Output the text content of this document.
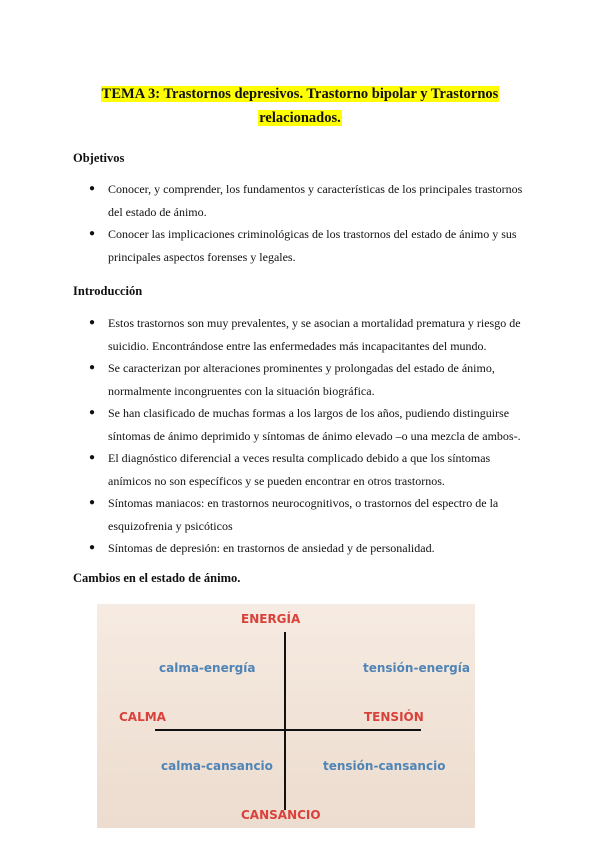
TEMA 3: Trastornos depresivos. Trastorno bipolar y Trastornos
relacionados.
Objetivos
● Conocer, y comprender, los fundamentos y características de los principales trastornos
del estado de ánimo.
● Conocer las implicaciones criminológicas de los trastornos del estado de ánimo y sus
principales aspectos forenses y legales.
Introducción
● Estos trastornos son muy prevalentes, y se asocian a mortalidad prematura y riesgo de
suicidio. Encontrándose entre las enfermedades más incapacitantes del mundo.
● Se caracterizan por alteraciones prominentes y prolongadas del estado de ánimo,
normalmente incongruentes con la situación biográfica.
● Se han clasificado de muchas formas a los largos de los años, pudiendo distinguirse
síntomas de ánimo deprimido y síntomas de ánimo elevado –o una mezcla de ambos-.
● El diagnóstico diferencial a veces resulta complicado debido a que los síntomas
anímicos no son específicos y se pueden encontrar en otros trastornos.
● Síntomas maniacos: en trastornos neurocognitivos, o trastornos del espectro de la
esquizofrenia y psicóticos
● Síntomas de depresión: en trastornos de ansiedad y de personalidad.
Cambios en el estado de ánimo.
ENERGÍA
CANSANCIO
CALMA	TENSIÓN
calma-energía	tensión-energía
calma-cansancio	tensión-cansancio
